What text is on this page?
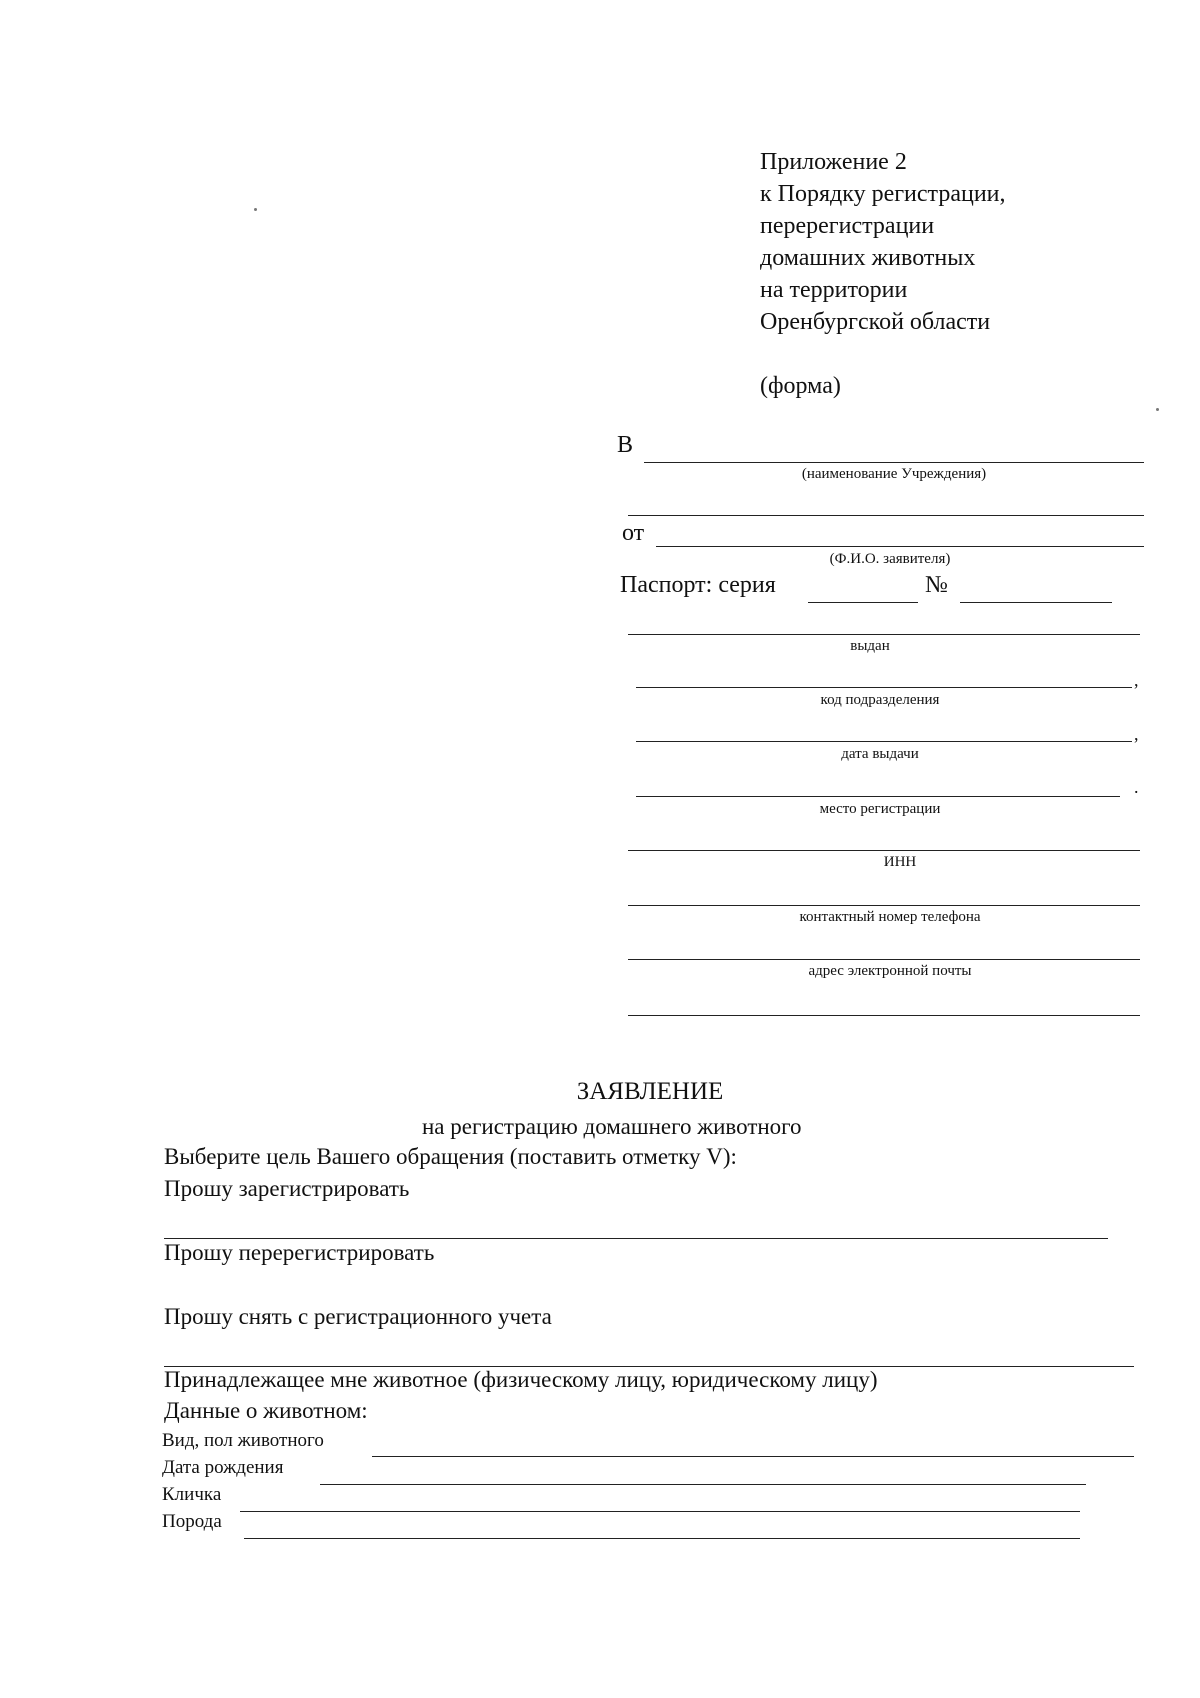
Приложение 2
к Порядку регистрации,
перерегистрации
домашних животных
на территории
Оренбургской области
(форма)
В
(наименование Учреждения)
от
(Ф.И.О. заявителя)
Паспорт: серия	№
выдан
,
код подразделения
,
дата выдачи
.
место регистрации
ИНН
контактный номер телефона
адрес электронной почты
ЗАЯВЛЕНИЕ
на регистрацию домашнего животного
Выберите цель Вашего обращения (поставить отметку V):
Прошу зарегистрировать
Прошу перерегистрировать
Прошу снять с регистрационного учета
Принадлежащее мне животное (физическому лицу, юридическому лицу)
Данные о животном:
Вид, пол животного
Дата рождения
Кличка
Порода
